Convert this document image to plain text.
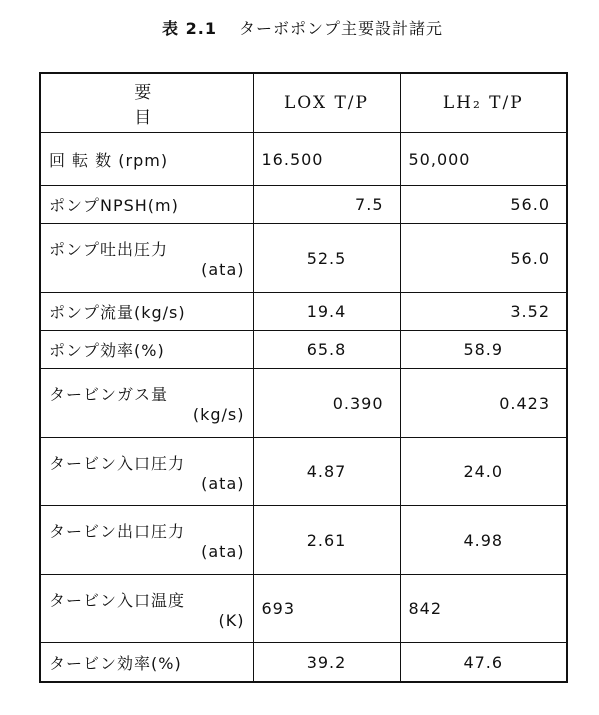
表 2.1 ターボポンプ主要設計諸元
要　目	LOX T/P	LH₂ T/P
回 転 数 (rpm)	16.500	50,000
ポンプNPSH(m)	7.5	56.0

ポンプ吐出圧力
(ata)	52.5	56.0
ポンプ流量(kg/s)	19.4	3.52
ポンプ効率(%)	65.8	58.9

タービンガス量
(kg/s)	0.390	0.423

タービン入口圧力
(ata)	4.87	24.0

タービン出口圧力
(ata)	2.61	4.98

タービン入口温度
(K)	693	842
タービン効率(%)	39.2	47.6
